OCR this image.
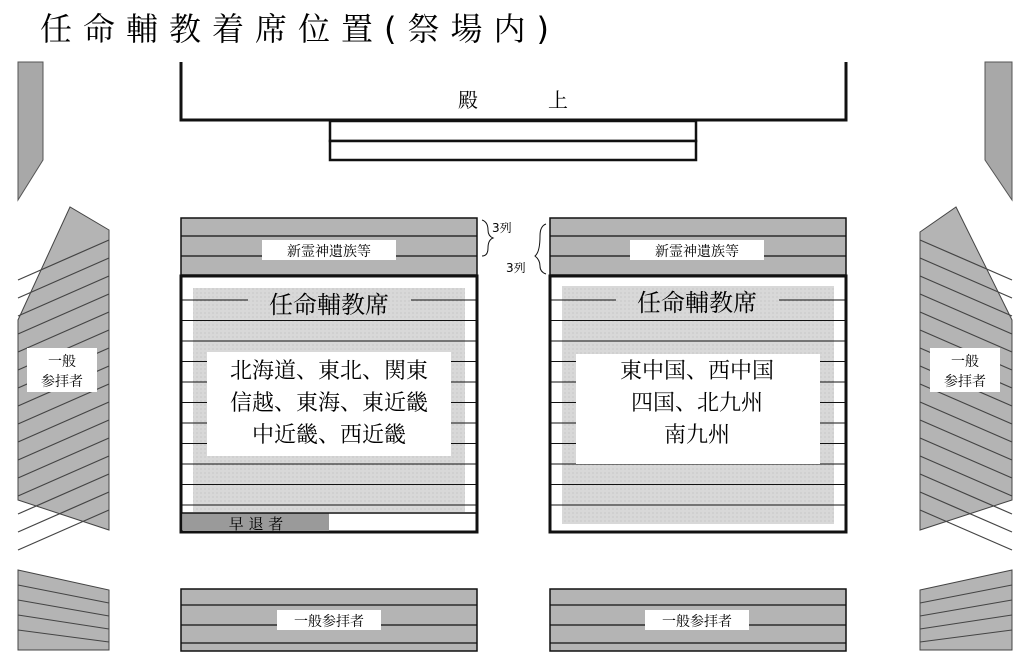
任命輔教着席位置(祭場内)
殿	上
一般
参拝者
一般
参拝者
新霊神遺族等
3列
3列
任命輔教席
北海道、東北、関東
信越、東海、東近畿
中近畿、西近畿
早 退 者
新霊神遺族等
任命輔教席
東中国、西中国
四国、北九州
南九州
一般参拝者	一般参拝者
